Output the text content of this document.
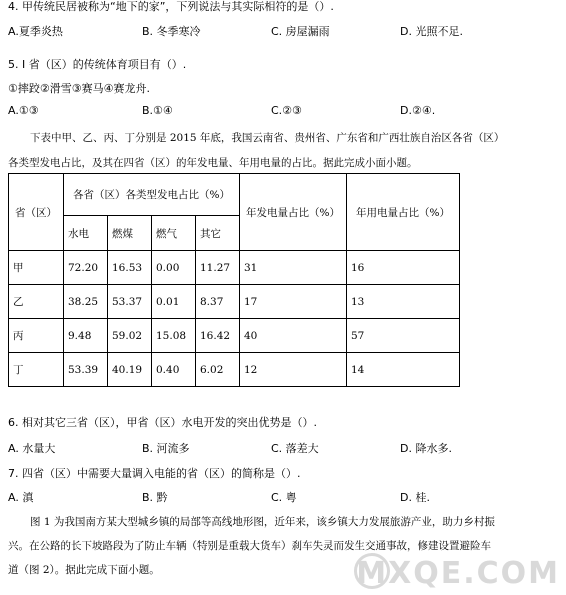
4. 甲传统民居被称为“地下的家”，下列说法与其实际相符的是（）.
A.夏季炎热	B. 冬季寒冷	C. 房屋漏雨	D. 光照不足.
5. I 省（区）的传统体育项目有（）.
①摔跤②滑雪③赛马④赛龙舟.
A.①③	B.①④	C.②③	D.②④.
下表中甲、乙、丙、丁分别是 2015 年底，我国云南省、贵州省、广东省和广西壮族自治区各省（区）
各类型发电占比，及其在四省（区）的年发电量、年用电量的占比。据此完成小面小题。
省（区）	各省（区）各类型发电占比（%）				年发电量占比（%）	年用电量占比（%）
	水电	燃煤	燃气	其它		
甲	72.20	16.53	0.00	11.27	31	16
乙	38.25	53.37	0.01	8.37	17	13
丙	9.48	59.02	15.08	16.42	40	57
丁	53.39	40.19	0.40	6.02	12	14
6. 相对其它三省（区），甲省（区）水电开发的突出优势是（）.
A. 水量大	B. 河流多	C. 落差大	D. 降水多.
7. 四省（区）中需要大量调入电能的省（区）的简称是（）.
A. 滇	B. 黔	C. 粤	D. 桂.
图 1 为我国南方某大型城乡镇的局部等高线地形图，近年来，该乡镇大力发展旅游产业，助力乡村振
兴。在公路的长下坡路段为了防止车辆（特别是重载大货车）刹车失灵而发生交通事故，修建设置避险车
道（图 2）。据此完成下面小题。	MXQE.COM
